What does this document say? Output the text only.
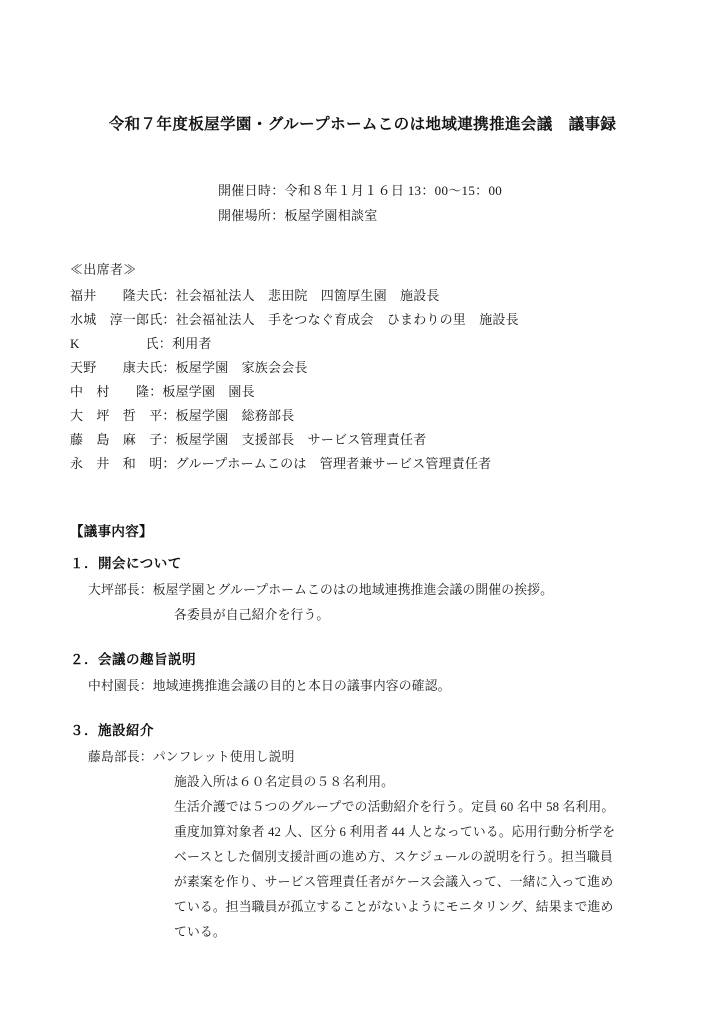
令和７年度板屋学園・グループホームこのは地域連携推進会議　議事録
開催日時：令和８年１月１６日 13：00〜15：00
開催場所：板屋学園相談室
≪出席者≫
福井　　隆夫氏：社会福祉法人　悲田院　四箇厚生園　施設長
水城　淳一郎氏：社会福祉法人　手をつなぐ育成会　ひまわりの里　施設長
K　　　　　氏：利用者
天野　　康夫氏：板屋学園　家族会会長
中　村　　隆：板屋学園　園長
大　坪　哲　平：板屋学園　総務部長
藤　島　麻　子：板屋学園　支援部長　サービス管理責任者
永　井　和　明：グループホームこのは　管理者兼サービス管理責任者
【議事内容】
１．開会について
大坪部長：板屋学園とグループホームこのはの地域連携推進会議の開催の挨拶。
各委員が自己紹介を行う。
２．会議の趣旨説明
中村園長：地域連携推進会議の目的と本日の議事内容の確認。
３．施設紹介
藤島部長：パンフレット使用し説明
施設入所は６０名定員の５８名利用。
生活介護では５つのグループでの活動紹介を行う。定員 60 名中 58 名利用。
重度加算対象者 42 人、区分 6 利用者 44 人となっている。応用行動分析学を
ベースとした個別支援計画の進め方、スケジュールの説明を行う。担当職員
が素案を作り、サービス管理責任者がケース会議入って、一緒に入って進め
ている。担当職員が孤立することがないようにモニタリング、結果まで進め
ている。
